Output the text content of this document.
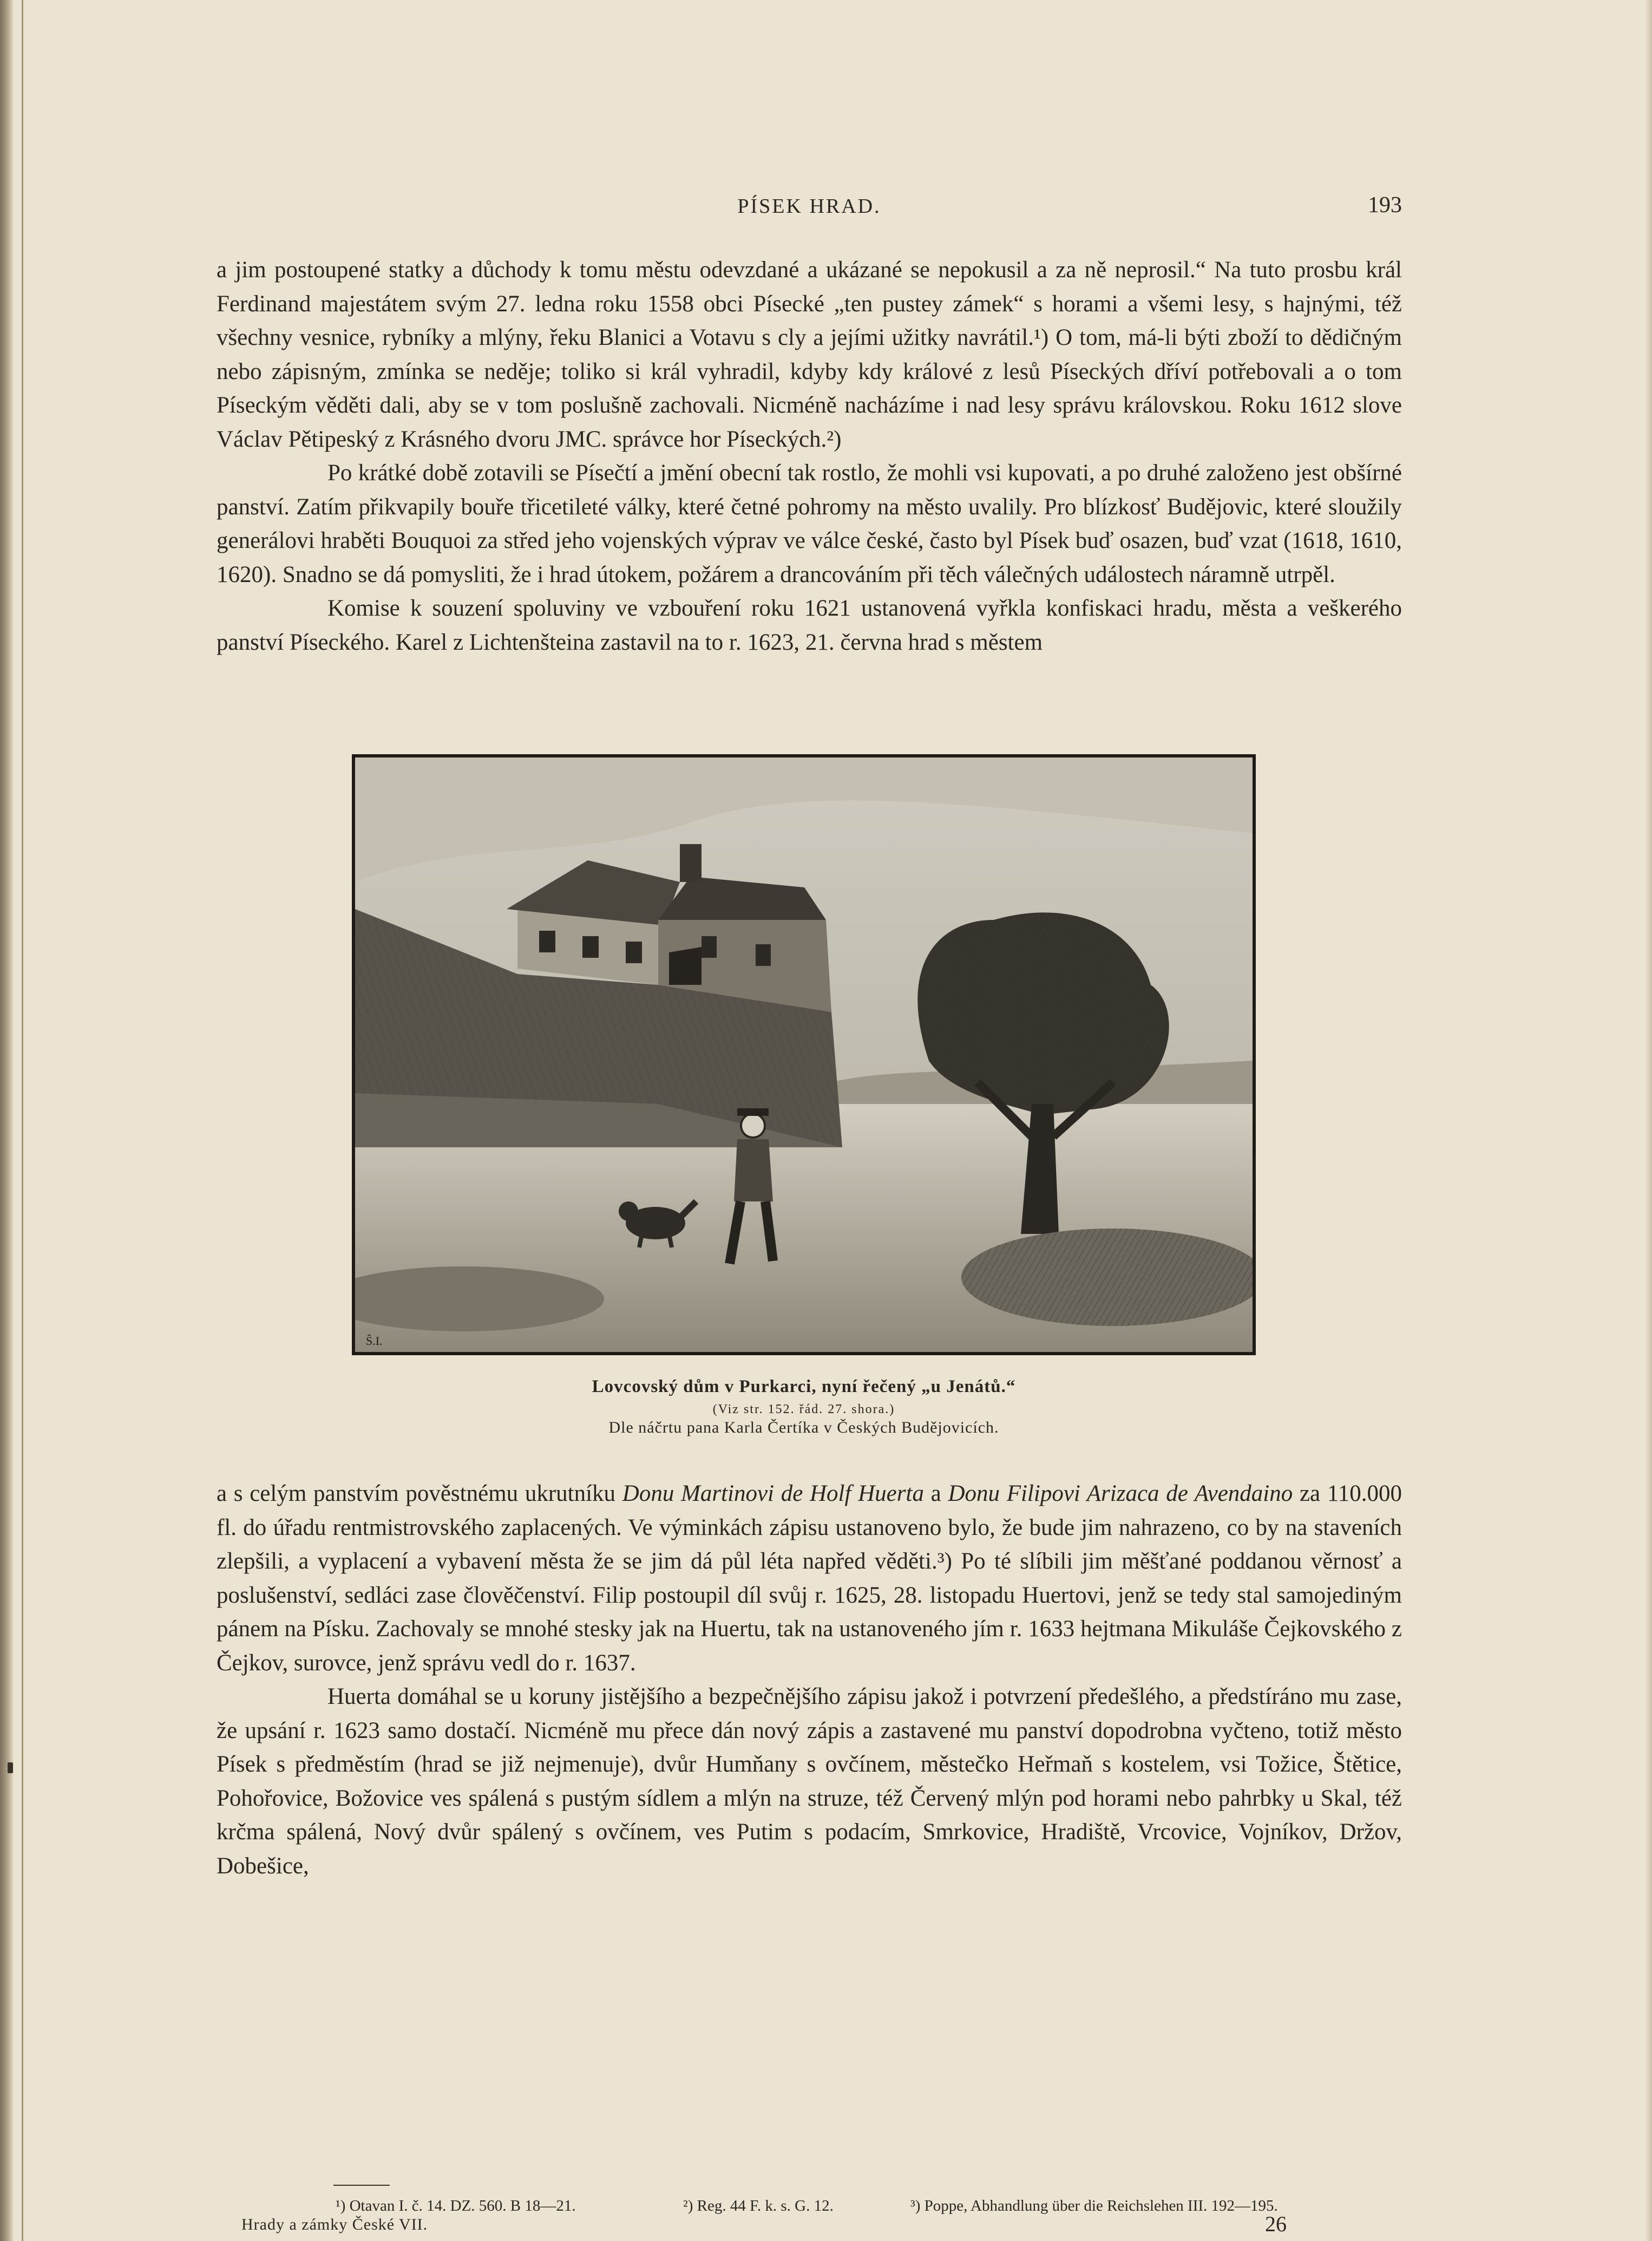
PÍSEK HRAD.	193

a jim postoupené statky a důchody k tomu městu odevzdané a ukázané se nepokusil a za ně neprosil.“ Na tuto prosbu král Ferdinand majestátem svým 27. ledna roku 1558 obci Písecké „ten pustey zámek“ s horami a všemi lesy, s hajnými, též všechny vesnice, rybníky a mlýny, řeku Blanici a Votavu s cly a jejími užitky navrátil.¹) O tom, má-li býti zboží to dědičným nebo zápisným, zmínka se neděje; toliko si král vyhradil, kdyby kdy králové z lesů Píseckých dříví potřebovali a o tom Píseckým věděti dali, aby se v tom poslušně zachovali. Nicméně nacházíme i nad lesy správu královskou. Roku 1612 slove Václav Pětipeský z Krásného dvoru JMC. správce hor Píseckých.²)

Po krátké době zotavili se Písečtí a jmění obecní tak rostlo, že mohli vsi kupovati, a po druhé založeno jest obšírné panství. Zatím přikvapily bouře třicetileté války, které četné pohromy na město uvalily. Pro blízkosť Budějovic, které sloužily generálovi hraběti Bouquoi za střed jeho vojenských výprav ve válce české, často byl Písek buď osazen, buď vzat (1618, 1610, 1620). Snadno se dá pomysliti, že i hrad útokem, požárem a drancováním při těch válečných událostech náramně utrpěl.

Komise k souzení spoluviny ve vzbouření roku 1621 ustanovená vyřkla konfiskaci hradu, města a veškerého panství Píseckého. Karel z Lichtenšteina zastavil na to r. 1623, 21. června hrad s městem

Ŝ.I.
Lovcovský dům v Purkarci, nyní řečený „u Jenátů.“
(Viz str. 152. řád. 27. shora.)
Dle náčrtu pana Karla Čertíka v Českých Budějovicích.

a s celým panstvím pověstnému ukrutníku Donu Martinovi de Holf Huerta a Donu Filipovi Arizaca de Avendaino za 110.000 fl. do úřadu rentmistrovského zaplacených. Ve výminkách zápisu ustanoveno bylo, že bude jim nahrazeno, co by na staveních zlepšili, a vyplacení a vybavení města že se jim dá půl léta napřed věděti.³) Po té slíbili jim měšťané poddanou věrnosť a poslušenství, sedláci zase člověčenství. Filip postoupil díl svůj r. 1625, 28. listopadu Huertovi, jenž se tedy stal samojediným pánem na Písku. Zachovaly se mnohé stesky jak na Huertu, tak na ustanoveného jím r. 1633 hejtmana Mikuláše Čejkovského z Čejkov, surovce, jenž správu vedl do r. 1637.

Huerta domáhal se u koruny jistějšího a bezpečnějšího zápisu jakož i potvrzení předešlého, a předstíráno mu zase, že upsání r. 1623 samo dostačí. Nicméně mu přece dán nový zápis a zastavené mu panství dopodrobna vyčteno, totiž město Písek s předměstím (hrad se již nejmenuje), dvůr Humňany s ovčínem, městečko Heřmaň s kostelem, vsi Tožice, Štětice, Pohořovice, Božovice ves spálená s pustým sídlem a mlýn na struze, též Červený mlýn pod horami nebo pahrbky u Skal, též krčma spálená, Nový dvůr spálený s ovčínem, ves Putim s podacím, Smrkovice, Hradiště, Vrcovice, Vojníkov, Držov, Dobešice,

¹) Otavan I. č. 14. DZ. 560. B 18—21.	²) Reg. 44 F. k. s. G. 12.	³) Poppe, Abhandlung über die Reichslehen III. 192—195.
Hrady a zámky České VII.	26
